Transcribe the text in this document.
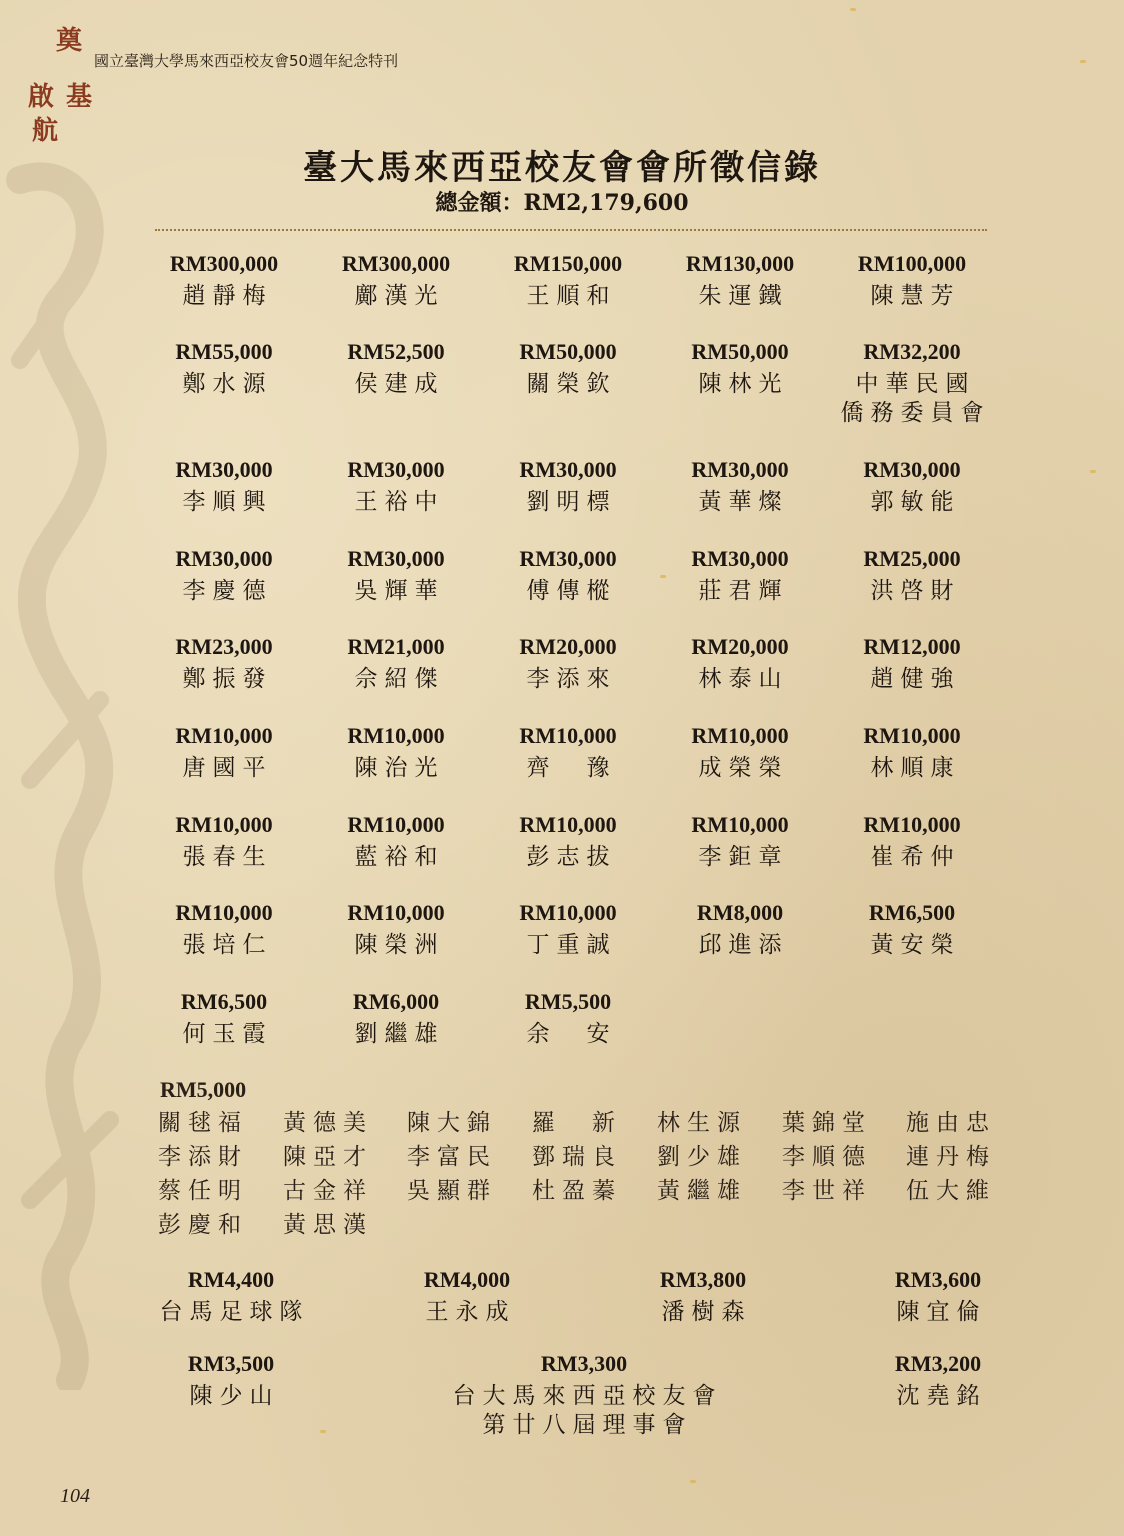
奠
基
啟
航
國立臺灣大學馬來西亞校友會50週年紀念特刊
臺大馬來西亞校友會會所徵信錄
總金額：RM2,179,600
RM300,000
趙靜梅
RM300,000
鄺漢光
RM150,000
王順和
RM130,000
朱運鐵
RM100,000
陳慧芳
RM55,000
鄭水源
RM52,500
侯建成
RM50,000
關榮欽
RM50,000
陳林光
RM32,200
中華民國
僑務委員會
RM30,000
李順興
RM30,000
王裕中
RM30,000
劉明標
RM30,000
黃華燦
RM30,000
郭敏能
RM30,000
李慶德
RM30,000
吳輝華
RM30,000
傅傳樅
RM30,000
莊君輝
RM25,000
洪啓財
RM23,000
鄭振發
RM21,000
佘紹傑
RM20,000
李添來
RM20,000
林泰山
RM12,000
趙健強
RM10,000
唐國平
RM10,000
陳治光
RM10,000
齊　豫
RM10,000
成榮榮
RM10,000
林順康
RM10,000
張春生
RM10,000
藍裕和
RM10,000
彭志拔
RM10,000
李鉅章
RM10,000
崔希仲
RM10,000
張培仁
RM10,000
陳榮洲
RM10,000
丁重誠
RM8,000
邱進添
RM6,500
黃安榮
RM6,500
何玉霞
RM6,000
劉繼雄
RM5,500
余　安
RM5,000
關毬福 黃德美 陳大錦 羅　新 林生源 葉錦堂 施由忠
李添財 陳亞才 李富民 鄧瑞良 劉少雄 李順德 連丹梅
蔡任明 古金祥 吳顯群 杜盈蓁 黃繼雄 李世祥 伍大維
彭慶和 黃思漢
RM4,400
台馬足球隊
RM4,000
王永成
RM3,800
潘樹森
RM3,600
陳宜倫
RM3,500
陳少山
RM3,300
台大馬來西亞校友會
第廿八屆理事會
RM3,200
沈堯銘
104
